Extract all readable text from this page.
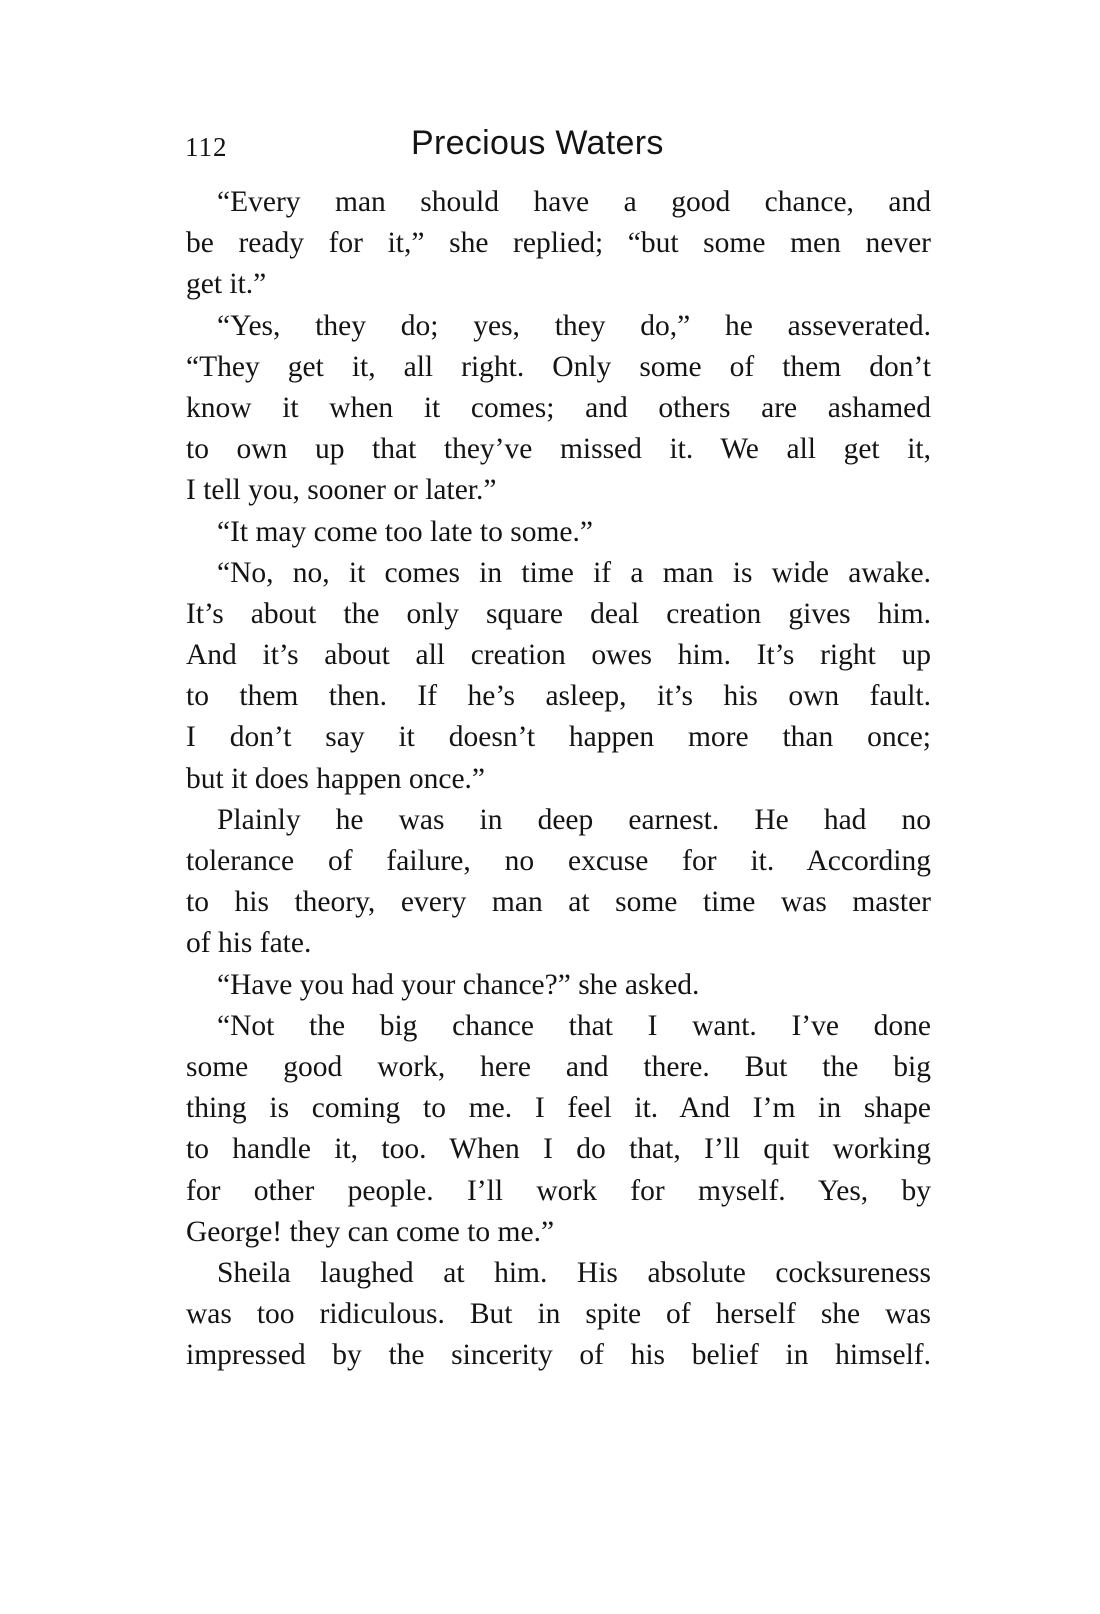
112	Precious Waters
“Every man should have a good chance, and
be ready for it,” she replied; “but some men never
get it.”
“Yes, they do; yes, they do,” he asseverated.
“They get it, all right. Only some of them don’t
know it when it comes; and others are ashamed
to own up that they’ve missed it. We all get it,
I tell you, sooner or later.”
“It may come too late to some.”
“No, no, it comes in time if a man is wide awake.
It’s about the only square deal creation gives him.
And it’s about all creation owes him. It’s right up
to them then. If he’s asleep, it’s his own fault.
I don’t say it doesn’t happen more than once;
but it does happen once.”
Plainly he was in deep earnest. He had no
tolerance of failure, no excuse for it. According
to his theory, every man at some time was master
of his fate.
“Have you had your chance?” she asked.
“Not the big chance that I want. I’ve done
some good work, here and there. But the big
thing is coming to me. I feel it. And I’m in shape
to handle it, too. When I do that, I’ll quit working
for other people. I’ll work for myself. Yes, by
George! they can come to me.”
Sheila laughed at him. His absolute cocksureness
was too ridiculous. But in spite of herself she was
impressed by the sincerity of his belief in himself.
